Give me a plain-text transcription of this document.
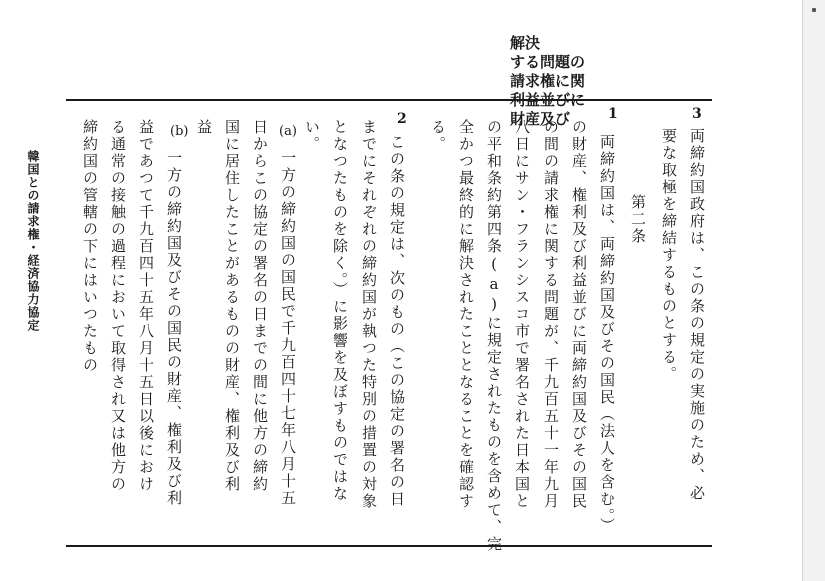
韓国との請求権・経済協力協定
解決
する問題の
請求権に関
利益並びに
財産及び	3
両締約国政府は、この条の規定の実施のため、必
要な取極を締結するものとする。
第二条
1
両締約国は、両締約国及びその国民（法人を含む。）
の財産、権利及び利益並びに両締約国及びその国民
の間の請求権に関する問題が、千九百五十一年九月
八日にサン・フランシスコ市で署名された日本国と
の平和条約第四条(a)に規定されたものを含めて、完
全かつ最終的に解決されたこととなることを確認す
る。
2
この条の規定は、次のもの（この協定の署名の日
までにそれぞれの締約国が執つた特別の措置の対象
となつたものを除く。）に影響を及ぼすものではな
い。
(a)
一方の締約国の国民で千九百四十七年八月十五
日からこの協定の署名の日までの間に他方の締約
国に居住したことがあるものの財産、権利及び利
益
(b)
一方の締約国及びその国民の財産、権利及び利
益であつて千九百四十五年八月十五日以後におけ
る通常の接触の過程において取得され又は他方の
締約国の管轄の下にはいつたもの
